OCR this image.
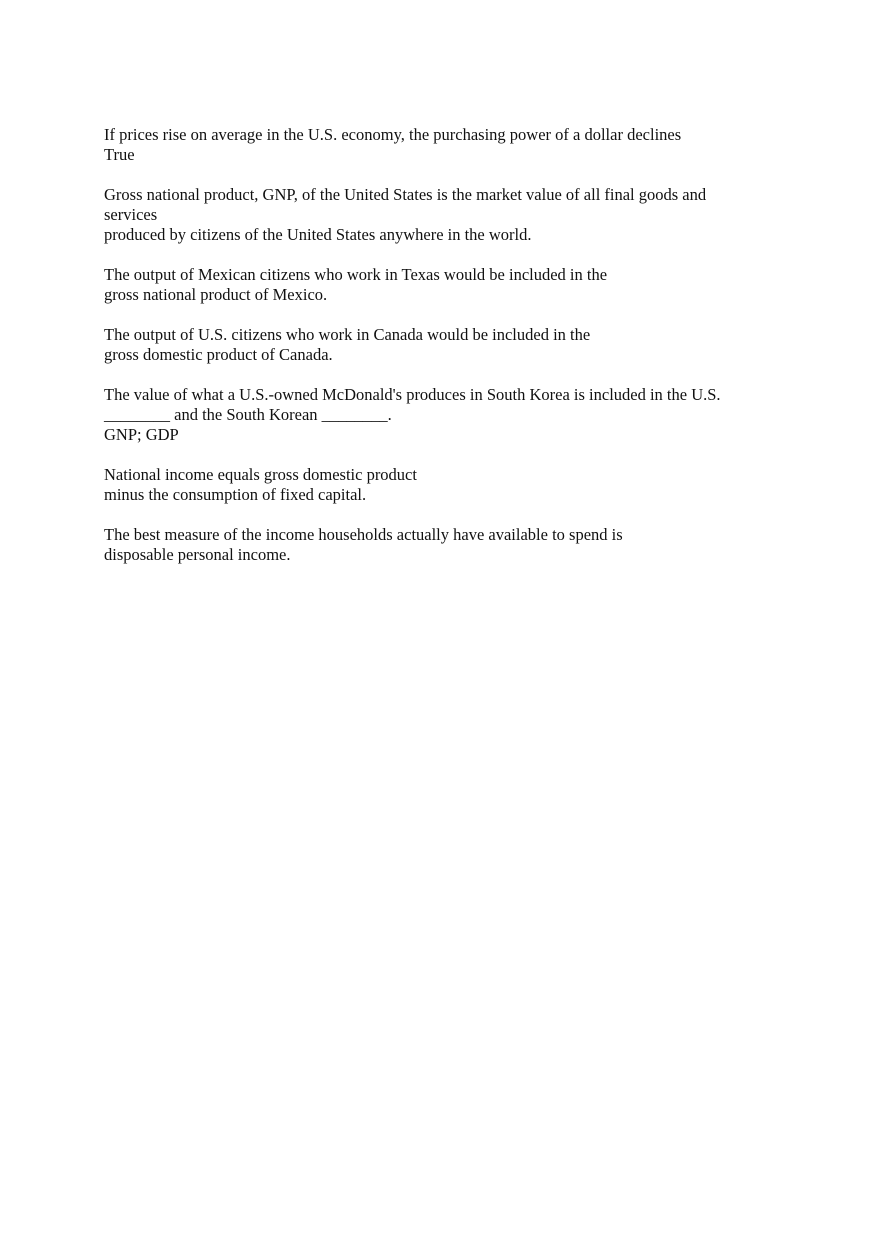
If prices rise on average in the U.S. economy, the purchasing power of a dollar declines
True
Gross national product, GNP, of the United States is the market value of all final goods and
services
produced by citizens of the United States anywhere in the world.
The output of Mexican citizens who work in Texas would be included in the
gross national product of Mexico.
The output of U.S. citizens who work in Canada would be included in the
gross domestic product of Canada.
The value of what a U.S.-owned McDonald's produces in South Korea is included in the U.S.
________ and the South Korean ________.
GNP; GDP
National income equals gross domestic product
minus the consumption of fixed capital.
The best measure of the income households actually have available to spend is
disposable personal income.
